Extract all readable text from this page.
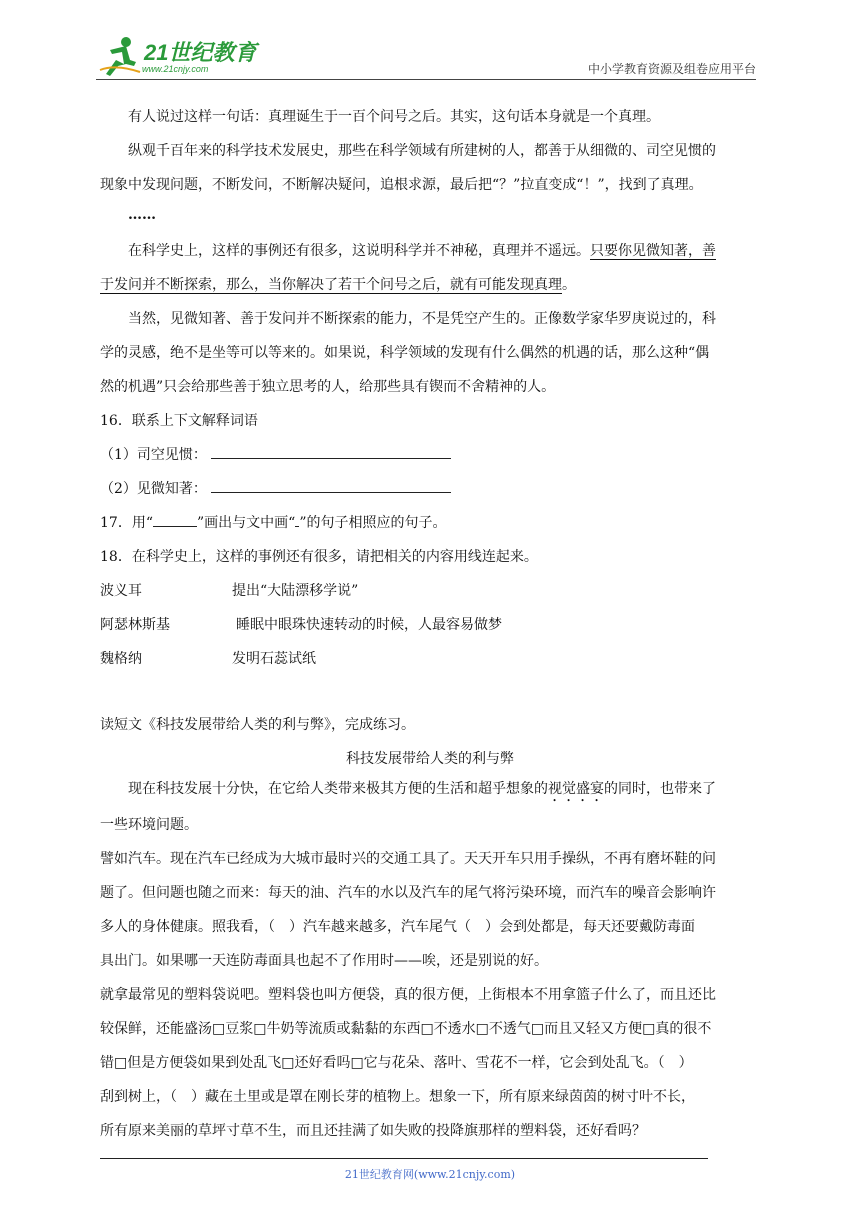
21世纪教育
www.21cnjy.com	中小学教育资源及组卷应用平台
有人说过这样一句话：真理诞生于一百个问号之后。其实，这句话本身就是一个真理。
纵观千百年来的科学技术发展史，那些在科学领域有所建树的人，都善于从细微的、司空见惯的
现象中发现问题，不断发问，不断解决疑问，追根求源，最后把“？”拉直变成“！”，找到了真理。
……
在科学史上，这样的事例还有很多，这说明科学并不神秘，真理并不遥远。只要你见微知著，善
于发问并不断探索，那么，当你解决了若干个问号之后，就有可能发现真理。
当然，见微知著、善于发问并不断探索的能力，不是凭空产生的。正像数学家华罗庚说过的，科
学的灵感，绝不是坐等可以等来的。如果说，科学领域的发现有什么偶然的机遇的话，那么这种“偶
然的机遇”只会给那些善于独立思考的人，给那些具有锲而不舍精神的人。
16．联系上下文解释词语
（1）司空见惯：
（2）见微知著：
17．用“	”画出与文中画“ ”的句子相照应的句子。
18．在科学史上，这样的事例还有很多，请把相关的内容用线连起来。
波义耳
阿瑟林斯基
魏格纳
提出“大陆漂移学说”
睡眠中眼珠快速转动的时候，人最容易做梦
发明石蕊试纸
读短文《科技发展带给人类的利与弊》，完成练习。
科技发展带给人类的利与弊
现在科技发展十分快，在它给人类带来极其方便的生活和超乎想象的视觉盛宴的同时，也带来了
一些环境问题。
譬如汽车。现在汽车已经成为大城市最时兴的交通工具了。天天开车只用手操纵，不再有磨坏鞋的问
题了。但问题也随之而来：每天的油、汽车的水以及汽车的尾气将污染环境，而汽车的噪音会影响许
多人的身体健康。照我看，（　）汽车越来越多，汽车尾气（　）会到处都是，每天还要戴防毒面
具出门。如果哪一天连防毒面具也起不了作用时——唉，还是别说的好。
就拿最常见的塑料袋说吧。塑料袋也叫方便袋，真的很方便，上街根本不用拿篮子什么了，而且还比
较保鲜，还能盛汤□豆浆□牛奶等流质或黏黏的东西□不透水□不透气□而且又轻又方便□真的很不
错□但是方便袋如果到处乱飞□还好看吗□它与花朵、落叶、雪花不一样，它会到处乱飞。（　）
刮到树上，（　）藏在土里或是罩在刚长芽的植物上。想象一下，所有原来绿茵茵的树寸叶不长，
所有原来美丽的草坪寸草不生，而且还挂满了如失败的投降旗那样的塑料袋，还好看吗？
21世纪教育网(www.21cnjy.com)
